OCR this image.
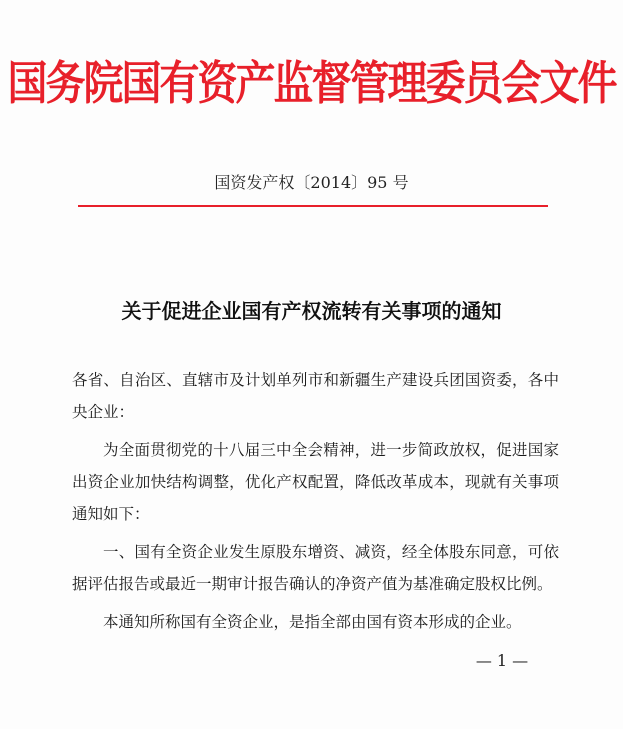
国务院国有资产监督管理委员会文件
国资发产权〔2014〕95 号
关于促进企业国有产权流转有关事项的通知

各省、自治区、直辖市及计划单列市和新疆生产建设兵团国资委，各中央企业：

为全面贯彻党的十八届三中全会精神，进一步简政放权，促进国家出资企业加快结构调整，优化产权配置，降低改革成本，现就有关事项通知如下：

一、国有全资企业发生原股东增资、减资，经全体股东同意，可依据评估报告或最近一期审计报告确认的净资产值为基准确定股权比例。

本通知所称国有全资企业，是指全部由国有资本形成的企业。

— 1 —
